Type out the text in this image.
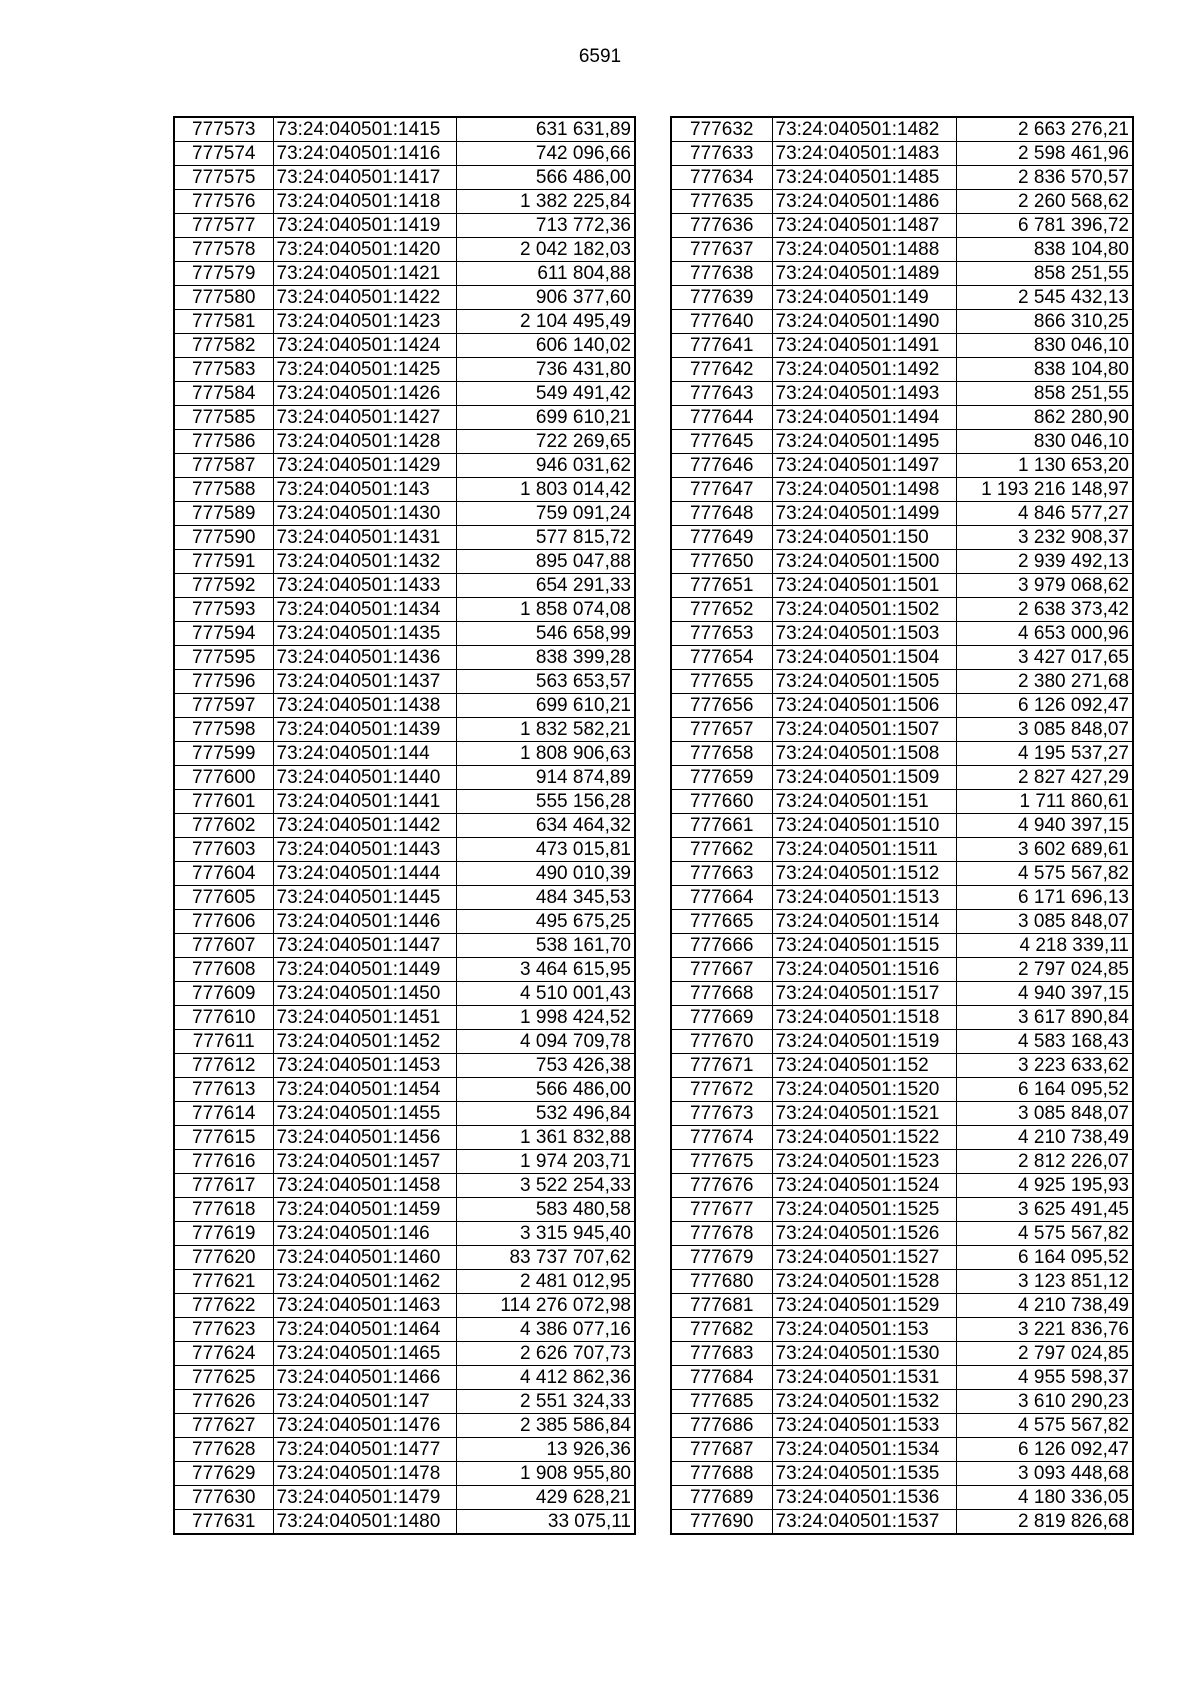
6591
777573	73:24:040501:1415	631 631,89
777574	73:24:040501:1416	742 096,66
777575	73:24:040501:1417	566 486,00
777576	73:24:040501:1418	1 382 225,84
777577	73:24:040501:1419	713 772,36
777578	73:24:040501:1420	2 042 182,03
777579	73:24:040501:1421	611 804,88
777580	73:24:040501:1422	906 377,60
777581	73:24:040501:1423	2 104 495,49
777582	73:24:040501:1424	606 140,02
777583	73:24:040501:1425	736 431,80
777584	73:24:040501:1426	549 491,42
777585	73:24:040501:1427	699 610,21
777586	73:24:040501:1428	722 269,65
777587	73:24:040501:1429	946 031,62
777588	73:24:040501:143	1 803 014,42
777589	73:24:040501:1430	759 091,24
777590	73:24:040501:1431	577 815,72
777591	73:24:040501:1432	895 047,88
777592	73:24:040501:1433	654 291,33
777593	73:24:040501:1434	1 858 074,08
777594	73:24:040501:1435	546 658,99
777595	73:24:040501:1436	838 399,28
777596	73:24:040501:1437	563 653,57
777597	73:24:040501:1438	699 610,21
777598	73:24:040501:1439	1 832 582,21
777599	73:24:040501:144	1 808 906,63
777600	73:24:040501:1440	914 874,89
777601	73:24:040501:1441	555 156,28
777602	73:24:040501:1442	634 464,32
777603	73:24:040501:1443	473 015,81
777604	73:24:040501:1444	490 010,39
777605	73:24:040501:1445	484 345,53
777606	73:24:040501:1446	495 675,25
777607	73:24:040501:1447	538 161,70
777608	73:24:040501:1449	3 464 615,95
777609	73:24:040501:1450	4 510 001,43
777610	73:24:040501:1451	1 998 424,52
777611	73:24:040501:1452	4 094 709,78
777612	73:24:040501:1453	753 426,38
777613	73:24:040501:1454	566 486,00
777614	73:24:040501:1455	532 496,84
777615	73:24:040501:1456	1 361 832,88
777616	73:24:040501:1457	1 974 203,71
777617	73:24:040501:1458	3 522 254,33
777618	73:24:040501:1459	583 480,58
777619	73:24:040501:146	3 315 945,40
777620	73:24:040501:1460	83 737 707,62
777621	73:24:040501:1462	2 481 012,95
777622	73:24:040501:1463	114 276 072,98
777623	73:24:040501:1464	4 386 077,16
777624	73:24:040501:1465	2 626 707,73
777625	73:24:040501:1466	4 412 862,36
777626	73:24:040501:147	2 551 324,33
777627	73:24:040501:1476	2 385 586,84
777628	73:24:040501:1477	13 926,36
777629	73:24:040501:1478	1 908 955,80
777630	73:24:040501:1479	429 628,21
777631	73:24:040501:1480	33 075,11
777632	73:24:040501:1482	2 663 276,21
777633	73:24:040501:1483	2 598 461,96
777634	73:24:040501:1485	2 836 570,57
777635	73:24:040501:1486	2 260 568,62
777636	73:24:040501:1487	6 781 396,72
777637	73:24:040501:1488	838 104,80
777638	73:24:040501:1489	858 251,55
777639	73:24:040501:149	2 545 432,13
777640	73:24:040501:1490	866 310,25
777641	73:24:040501:1491	830 046,10
777642	73:24:040501:1492	838 104,80
777643	73:24:040501:1493	858 251,55
777644	73:24:040501:1494	862 280,90
777645	73:24:040501:1495	830 046,10
777646	73:24:040501:1497	1 130 653,20
777647	73:24:040501:1498	1 193 216 148,97
777648	73:24:040501:1499	4 846 577,27
777649	73:24:040501:150	3 232 908,37
777650	73:24:040501:1500	2 939 492,13
777651	73:24:040501:1501	3 979 068,62
777652	73:24:040501:1502	2 638 373,42
777653	73:24:040501:1503	4 653 000,96
777654	73:24:040501:1504	3 427 017,65
777655	73:24:040501:1505	2 380 271,68
777656	73:24:040501:1506	6 126 092,47
777657	73:24:040501:1507	3 085 848,07
777658	73:24:040501:1508	4 195 537,27
777659	73:24:040501:1509	2 827 427,29
777660	73:24:040501:151	1 711 860,61
777661	73:24:040501:1510	4 940 397,15
777662	73:24:040501:1511	3 602 689,61
777663	73:24:040501:1512	4 575 567,82
777664	73:24:040501:1513	6 171 696,13
777665	73:24:040501:1514	3 085 848,07
777666	73:24:040501:1515	4 218 339,11
777667	73:24:040501:1516	2 797 024,85
777668	73:24:040501:1517	4 940 397,15
777669	73:24:040501:1518	3 617 890,84
777670	73:24:040501:1519	4 583 168,43
777671	73:24:040501:152	3 223 633,62
777672	73:24:040501:1520	6 164 095,52
777673	73:24:040501:1521	3 085 848,07
777674	73:24:040501:1522	4 210 738,49
777675	73:24:040501:1523	2 812 226,07
777676	73:24:040501:1524	4 925 195,93
777677	73:24:040501:1525	3 625 491,45
777678	73:24:040501:1526	4 575 567,82
777679	73:24:040501:1527	6 164 095,52
777680	73:24:040501:1528	3 123 851,12
777681	73:24:040501:1529	4 210 738,49
777682	73:24:040501:153	3 221 836,76
777683	73:24:040501:1530	2 797 024,85
777684	73:24:040501:1531	4 955 598,37
777685	73:24:040501:1532	3 610 290,23
777686	73:24:040501:1533	4 575 567,82
777687	73:24:040501:1534	6 126 092,47
777688	73:24:040501:1535	3 093 448,68
777689	73:24:040501:1536	4 180 336,05
777690	73:24:040501:1537	2 819 826,68
